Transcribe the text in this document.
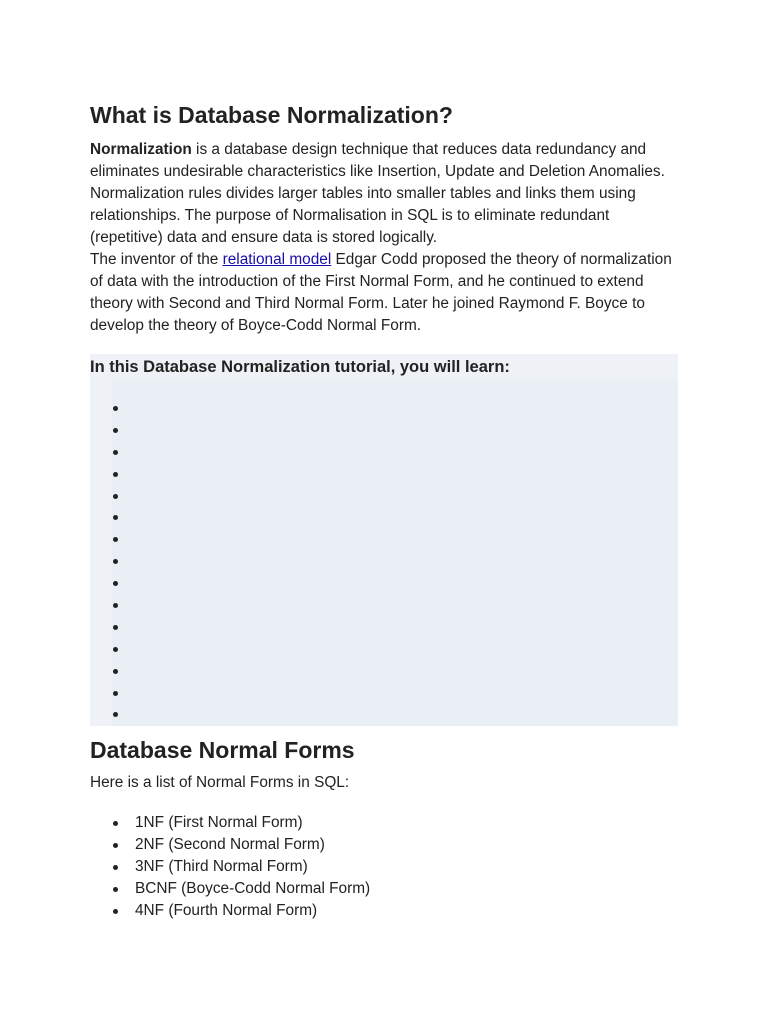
What is Database Normalization?

Normalization is a database design technique that reduces data redundancy and eliminates undesirable characteristics like Insertion, Update and Deletion Anomalies. Normalization rules divides larger tables into smaller tables and links them using relationships. The purpose of Normalisation in SQL is to eliminate redundant (repetitive) data and ensure data is stored logically.

The inventor of the relational model Edgar Codd proposed the theory of normalization of data with the introduction of the First Normal Form, and he continued to extend theory with Second and Third Normal Form. Later he joined Raymond F. Boyce to develop the theory of Boyce-Codd Normal Form.

In this Database Normalization tutorial, you will learn:
Database Normal Forms

Here is a list of Normal Forms in SQL:

1NF (First Normal Form)
2NF (Second Normal Form)
3NF (Third Normal Form)
BCNF (Boyce-Codd Normal Form)
4NF (Fourth Normal Form)
